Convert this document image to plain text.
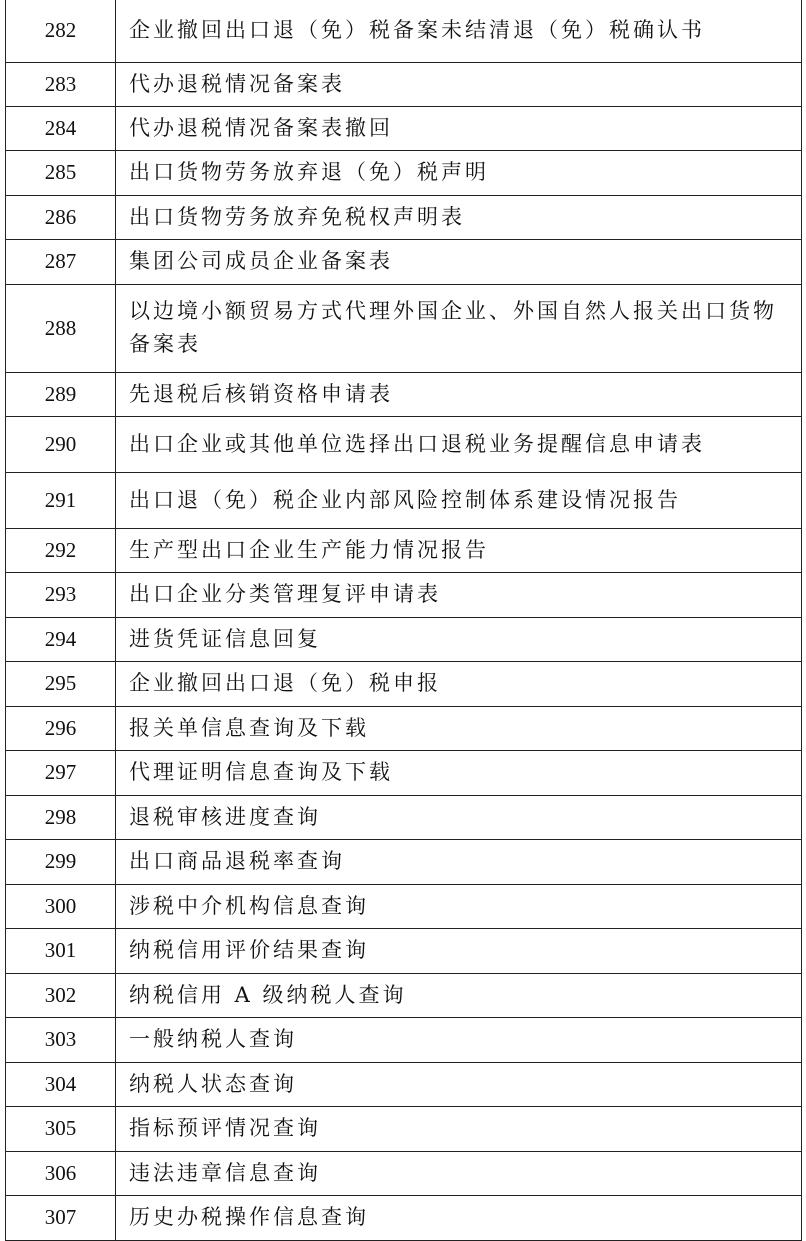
282	企业撤回出口退（免）税备案未结清退（免）税确认书
283	代办退税情况备案表
284	代办退税情况备案表撤回
285	出口货物劳务放弃退（免）税声明
286	出口货物劳务放弃免税权声明表
287	集团公司成员企业备案表
288	以边境小额贸易方式代理外国企业、外国自然人报关出口货物备案表
289	先退税后核销资格申请表
290	出口企业或其他单位选择出口退税业务提醒信息申请表
291	出口退（免）税企业内部风险控制体系建设情况报告
292	生产型出口企业生产能力情况报告
293	出口企业分类管理复评申请表
294	进货凭证信息回复
295	企业撤回出口退（免）税申报
296	报关单信息查询及下载
297	代理证明信息查询及下载
298	退税审核进度查询
299	出口商品退税率查询
300	涉税中介机构信息查询
301	纳税信用评价结果查询
302	纳税信用 A 级纳税人查询
303	一般纳税人查询
304	纳税人状态查询
305	指标预评情况查询
306	违法违章信息查询
307	历史办税操作信息查询
